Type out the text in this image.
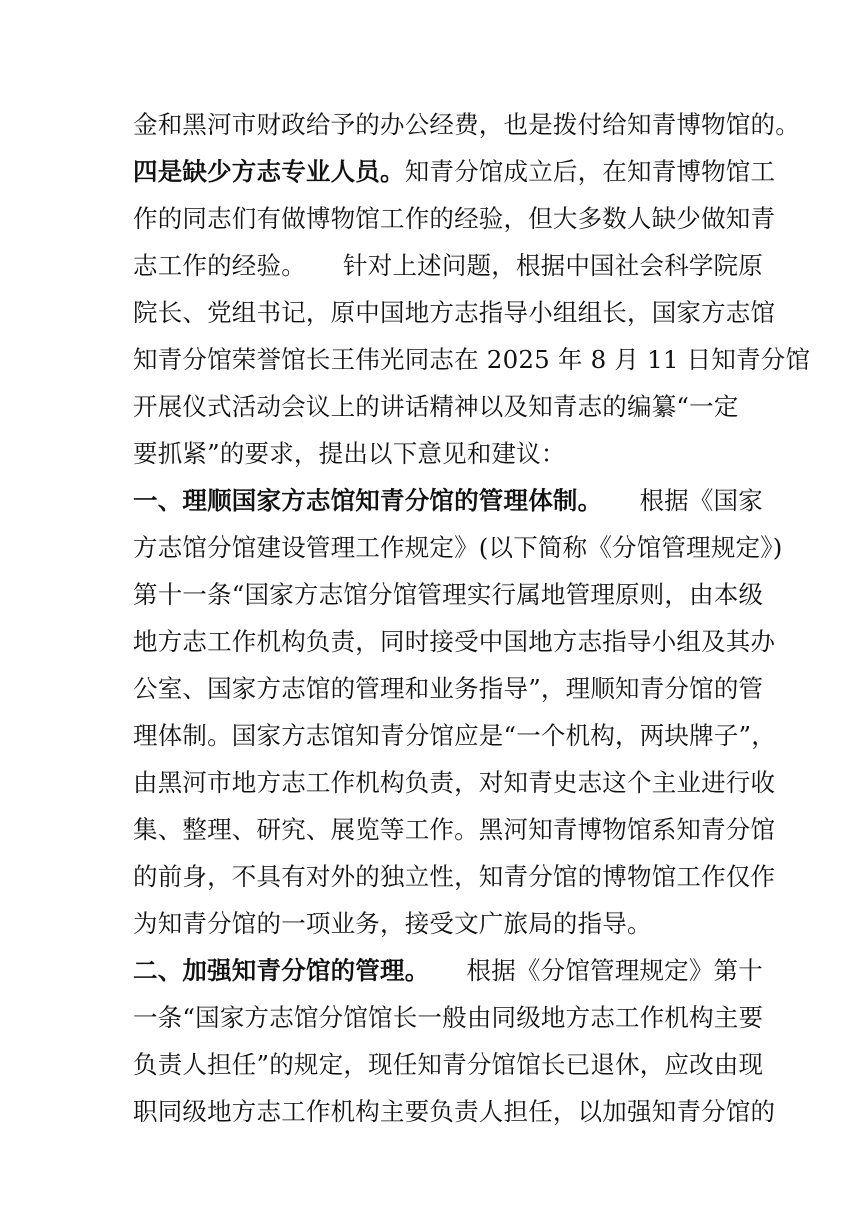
金和黑河市财政给予的办公经费，也是拨付给知青博物馆的。
四是缺少方志专业人员。知青分馆成立后，在知青博物馆工
作的同志们有做博物馆工作的经验，但大多数人缺少做知青
志工作的经验。　　针对上述问题，根据中国社会科学院原
院长、党组书记，原中国地方志指导小组组长，国家方志馆
知青分馆荣誉馆长王伟光同志在 2025 年 8 月 11 日知青分馆
开展仪式活动会议上的讲话精神以及知青志的编纂“一定
要抓紧”的要求，提出以下意见和建议：
一、理顺国家方志馆知青分馆的管理体制。　　根据《国家
方志馆分馆建设管理工作规定》(以下简称《分馆管理规定》)
第十一条“国家方志馆分馆管理实行属地管理原则，由本级
地方志工作机构负责，同时接受中国地方志指导小组及其办
公室、国家方志馆的管理和业务指导”，理顺知青分馆的管
理体制。国家方志馆知青分馆应是“一个机构，两块牌子”，
由黑河市地方志工作机构负责，对知青史志这个主业进行收
集、整理、研究、展览等工作。黑河知青博物馆系知青分馆
的前身，不具有对外的独立性，知青分馆的博物馆工作仅作
为知青分馆的一项业务，接受文广旅局的指导。
二、加强知青分馆的管理。　　根据《分馆管理规定》第十
一条“国家方志馆分馆馆长一般由同级地方志工作机构主要
负责人担任”的规定，现任知青分馆馆长已退休，应改由现
职同级地方志工作机构主要负责人担任，以加强知青分馆的
